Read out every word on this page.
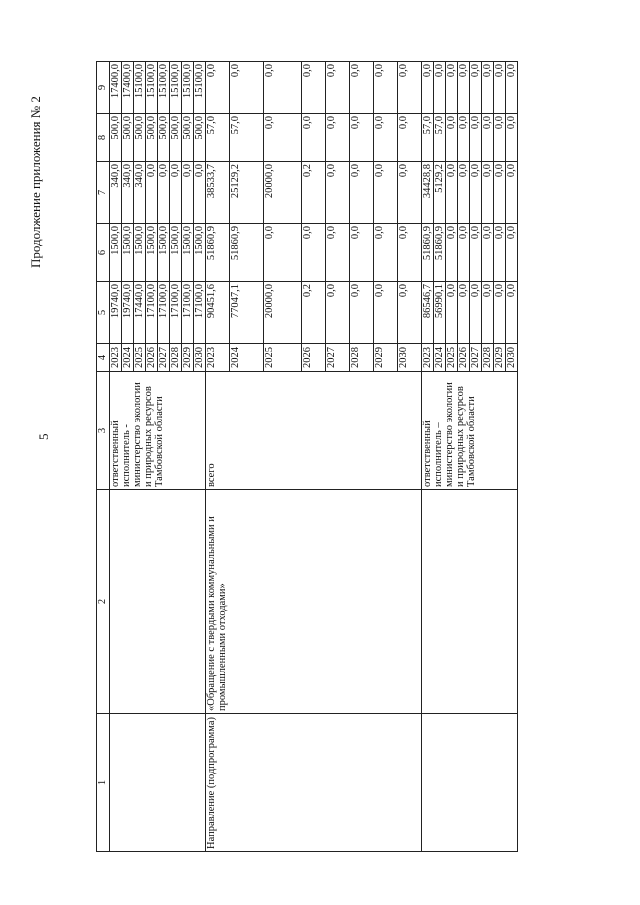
5
Продолжение приложения № 2
1	2	3	4	5	6	7	8	9
		ответственный исполнитель - министерство экологии и природных ресурсов Тамбовской области	2023	19740,0	1500,0	340,0	500,0	17400,0
			2024	19740,0	1500,0	340,0	500,0	17400,0
			2025	17440,0	1500,0	340,0	500,0	15100,0
			2026	17100,0	1500,0	0,0	500,0	15100,0
			2027	17100,0	1500,0	0,0	500,0	15100,0
			2028	17100,0	1500,0	0,0	500,0	15100,0
			2029	17100,0	1500,0	0,0	500,0	15100,0
			2030	17100,0	1500,0	0,0	500,0	15100,0
Направление (подпрограмма)	«Обращение с твердыми коммунальными и промышленными отходами»	всего	2023	90451,6	51860,9	38533,7	57,0	0,0
			2024	77047,1	51860,9	25129,2	57,0	0,0
			2025	20000,0	0,0	20000,0	0,0	0,0
			2026	0,2	0,0	0,2	0,0	0,0
			2027	0,0	0,0	0,0	0,0	0,0
			2028	0,0	0,0	0,0	0,0	0,0
			2029	0,0	0,0	0,0	0,0	0,0
			2030	0,0	0,0	0,0	0,0	0,0
		ответственный исполнитель – министерство экологии и природных ресурсов Тамбовской области	2023	86546,7	51860,9	34428,8	57,0	0,0
			2024	56990,1	51860,9	5129,2	57,0	0,0
			2025	0,0	0,0	0,0	0,0	0,0
			2026	0,0	0,0	0,0	0,0	0,0
			2027	0,0	0,0	0,0	0,0	0,0
			2028	0,0	0,0	0,0	0,0	0,0
			2029	0,0	0,0	0,0	0,0	0,0
			2030	0,0	0,0	0,0	0,0	0,0
